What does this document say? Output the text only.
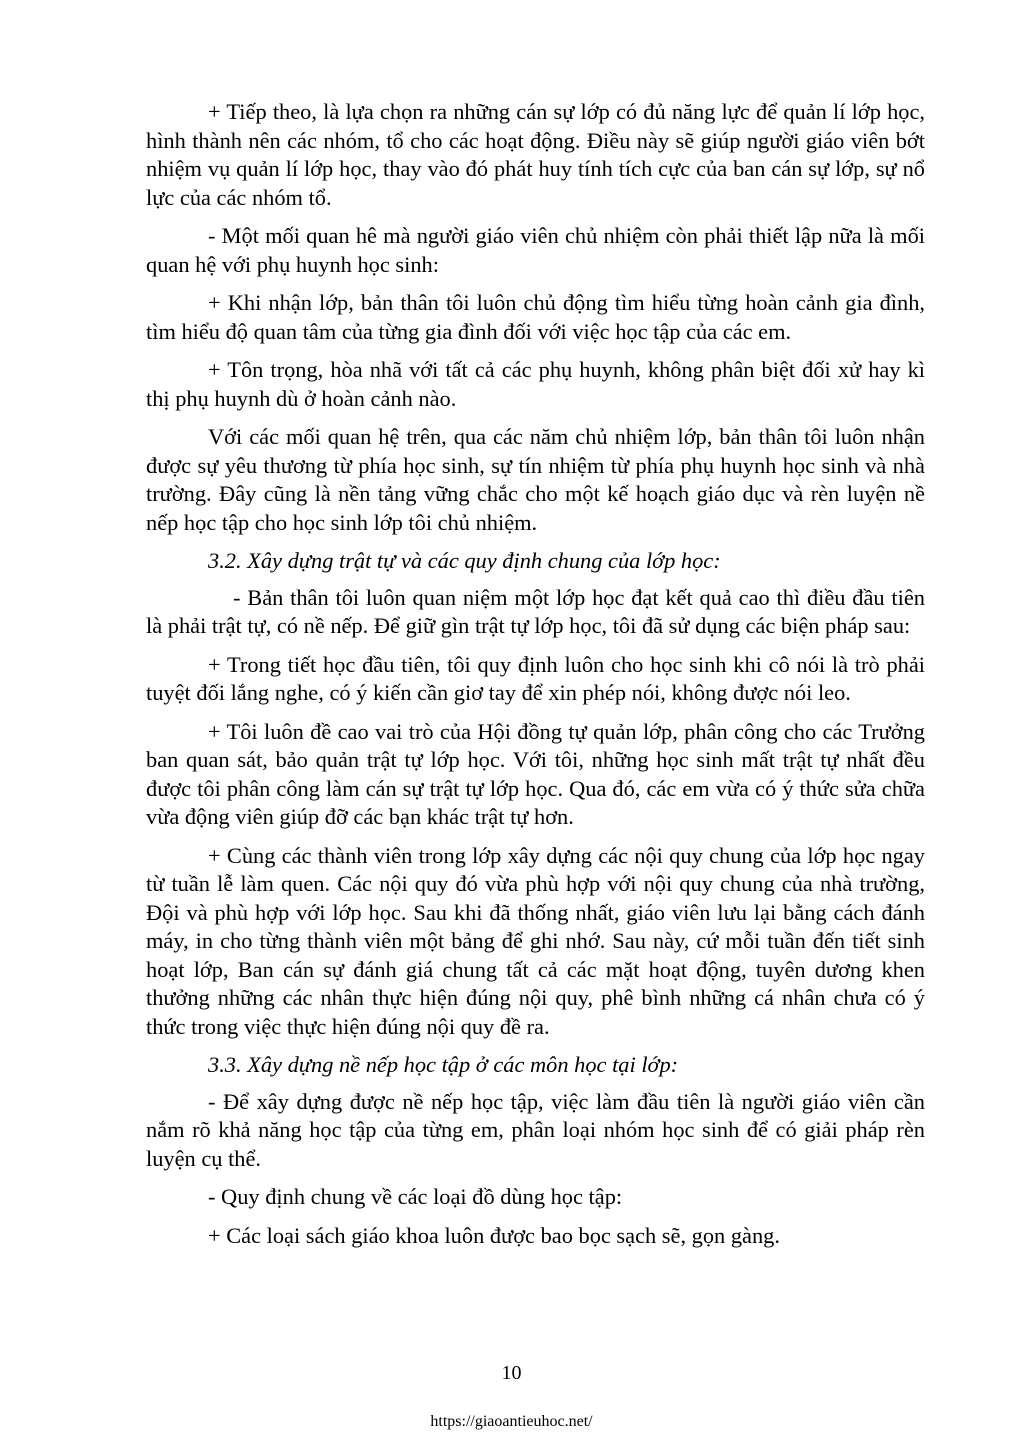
+ Tiếp theo, là lựa chọn ra những cán sự lớp có đủ năng lực để quản lí lớp học, hình thành nên các nhóm, tổ cho các hoạt động. Điều này sẽ giúp người giáo viên bớt nhiệm vụ quản lí lớp học, thay vào đó phát huy tính tích cực của ban cán sự lớp, sự nổ lực của các nhóm tổ.

- Một mối quan hê mà người giáo viên chủ nhiệm còn phải thiết lập nữa là mối quan hệ với phụ huynh học sinh:

+ Khi nhận lớp, bản thân tôi luôn chủ động tìm hiểu từng hoàn cảnh gia đình, tìm hiểu độ quan tâm của từng gia đình đối với việc học tập của các em.

+ Tôn trọng, hòa nhã với tất cả các phụ huynh, không phân biệt đối xử hay kì thị phụ huynh dù ở hoàn cảnh nào.

Với các mối quan hệ trên, qua các năm chủ nhiệm lớp, bản thân tôi luôn nhận được sự yêu thương từ phía học sinh, sự tín nhiệm từ phía phụ huynh học sinh và nhà trường. Đây cũng là nền tảng vững chắc cho một kế hoạch giáo dục và rèn luyện nề nếp học tập cho học sinh lớp tôi chủ nhiệm.

3.2. Xây dựng trật tự và các quy định chung của lớp học:

- Bản thân tôi luôn quan niệm một lớp học đạt kết quả cao thì điều đầu tiên là phải trật tự, có nề nếp. Để giữ gìn trật tự lớp học, tôi đã sử dụng các biện pháp sau:

+ Trong tiết học đầu tiên, tôi quy định luôn cho học sinh khi cô nói là trò phải tuyệt đối lắng nghe, có ý kiến cần giơ tay để xin phép nói, không được nói leo.

+ Tôi luôn đề cao vai trò của Hội đồng tự quản lớp, phân công cho các Trưởng ban quan sát, bảo quản trật tự lớp học. Với tôi, những học sinh mất trật tự nhất đều được tôi phân công làm cán sự trật tự lớp học. Qua đó, các em vừa có ý thức sửa chữa vừa động viên giúp đỡ các bạn khác trật tự hơn.

+ Cùng các thành viên trong lớp xây dựng các nội quy chung của lớp học ngay từ tuần lễ làm quen. Các nội quy đó vừa phù hợp với nội quy chung của nhà trường, Đội và phù hợp với lớp học. Sau khi đã thống nhất, giáo viên lưu lại bằng cách đánh máy, in cho từng thành viên một bảng để ghi nhớ. Sau này, cứ mỗi tuần đến tiết sinh hoạt lớp, Ban cán sự đánh giá chung tất cả các mặt hoạt động, tuyên dương khen thưởng những các nhân thực hiện đúng nội quy, phê bình những cá nhân chưa có ý thức trong việc thực hiện đúng nội quy đề ra.

3.3. Xây dựng nề nếp học tập ở các môn học tại lớp:

- Để xây dựng được nề nếp học tập, việc làm đầu tiên là người giáo viên cần nắm rõ khả năng học tập của từng em, phân loại nhóm học sinh để có giải pháp rèn luyện cụ thể.

- Quy định chung về các loại đồ dùng học tập:

+ Các loại sách giáo khoa luôn được bao bọc sạch sẽ, gọn gàng.

10
https://giaoantieuhoc.net/
